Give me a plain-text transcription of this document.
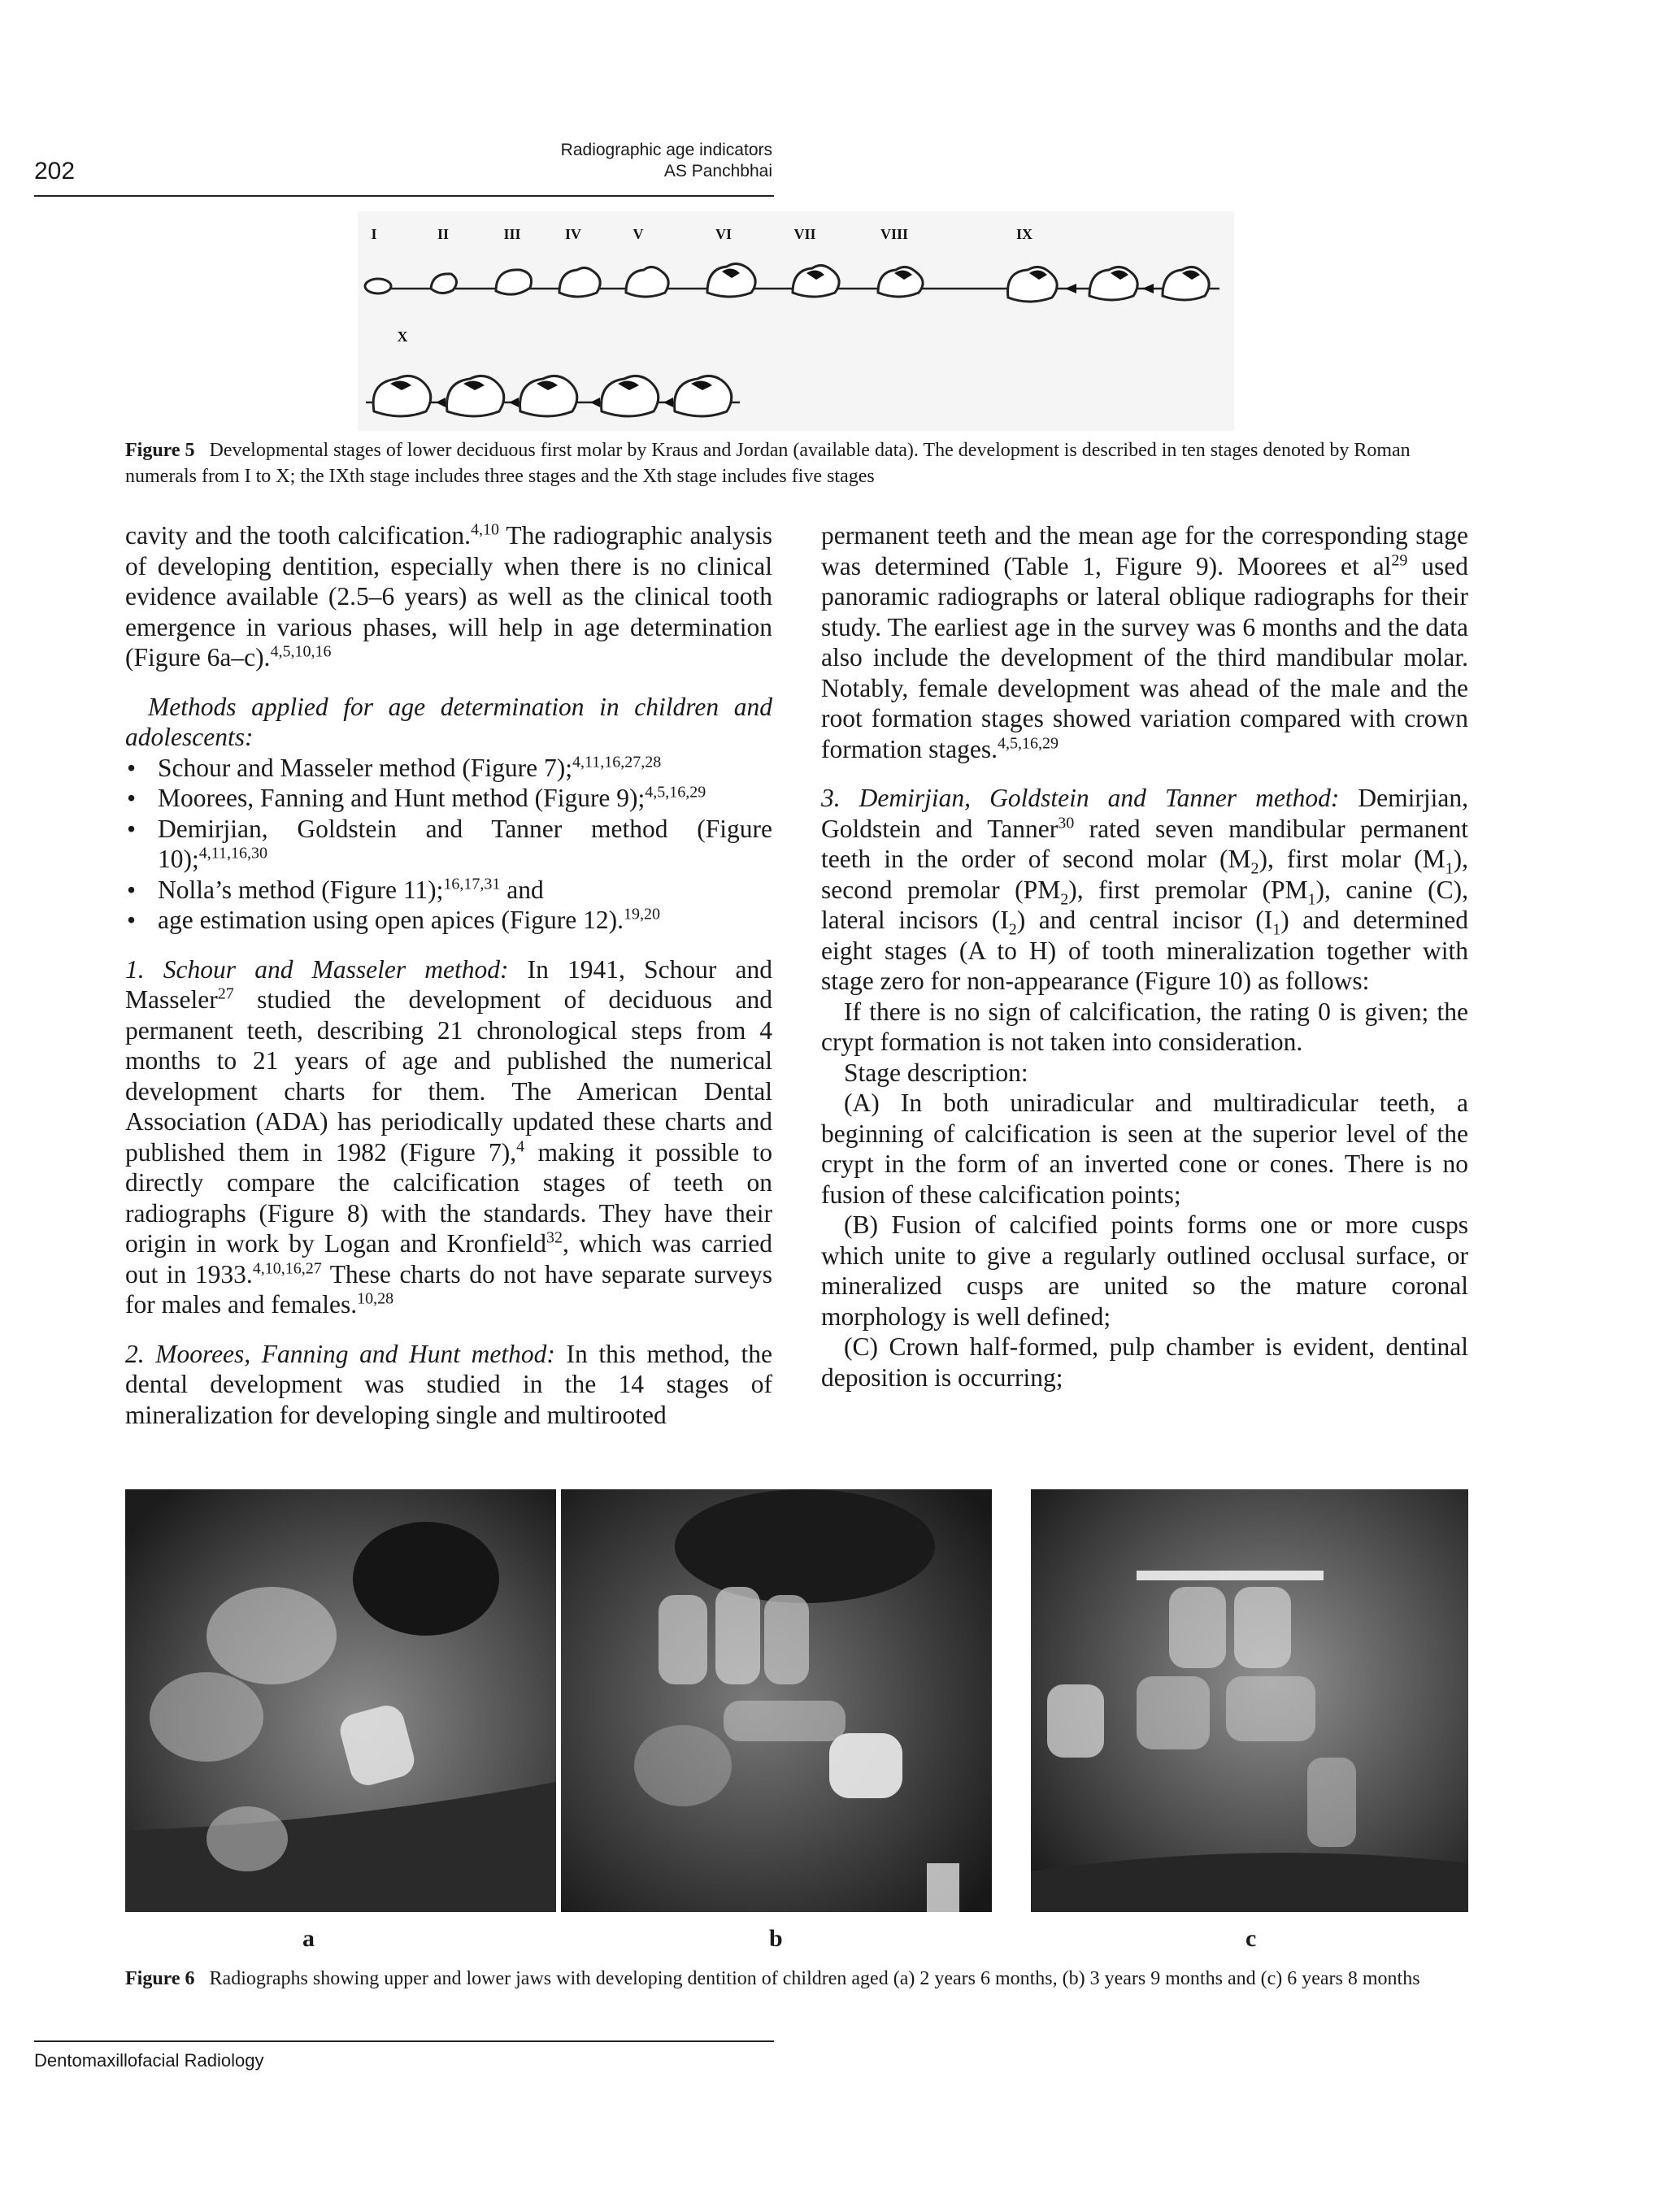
202
Radiographic age indicators
AS Panchbhai
I	II	III	IV	V	VI	VII	VIII	IX
X
Figure 5 Developmental stages of lower deciduous first molar by Kraus and Jordan (available data). The development is described in ten stages denoted by Roman numerals from I to X; the IXth stage includes three stages and the Xth stage includes five stages

cavity and the tooth calcification.$^{4,10}$ The radiographic analysis of developing dentition, especially when there is no clinical evidence available (2.5–6 years) as well as the clinical tooth emergence in various phases, will help in age determination (Figure 6a–c).$^{4,5,10,16}$

Methods applied for age determination in children and adolescents:

• Schour and Masseler method (Figure 7);$^{4,11,16,27,28}$

• Moorees, Fanning and Hunt method (Figure 9);$^{4,5,16,29}$

• Demirjian, Goldstein and Tanner method (Figure 10);$^{4,11,16,30}$

• Nolla’s method (Figure 11);$^{16,17,31}$ and

• age estimation using open apices (Figure 12).$^{19,20}$

1. Schour and Masseler method: In 1941, Schour and Masseler$^{27}$ studied the development of deciduous and permanent teeth, describing 21 chronological steps from 4 months to 21 years of age and published the numerical development charts for them. The American Dental Association (ADA) has periodically updated these charts and published them in 1982 (Figure 7),$^4$ making it possible to directly compare the calcification stages of teeth on radiographs (Figure 8) with the standards. They have their origin in work by Logan and Kronfield$^{32}$, which was carried out in 1933.$^{4,10,16,27}$ These charts do not have separate surveys for males and females.$^{10,28}$

2. Moorees, Fanning and Hunt method: In this method, the dental development was studied in the 14 stages of mineralization for developing single and multirooted

permanent teeth and the mean age for the corresponding stage was determined (Table 1, Figure 9). Moorees et $al^{29}$ used panoramic radiographs or lateral oblique radiographs for their study. The earliest age in the survey was 6 months and the data also include the development of the third mandibular molar. Notably, female development was ahead of the male and the root formation stages showed variation compared with crown formation stages.$^{4,5,16,29}$

3. Demirjian, Goldstein and Tanner method: Demirjian, Goldstein and Tanner$^{30}$ rated seven mandibular permanent teeth in the order of second molar $(M_2)$, first molar $(M_1)$, second premolar $(PM_2)$, first premolar $(PM_1)$, canine (C), lateral incisors $(I_2)$ and central incisor $(I_1)$ and determined eight stages (A to H) of tooth mineralization together with stage zero for non-appearance (Figure 10) as follows:

If there is no sign of calcification, the rating 0 is given; the crypt formation is not taken into consideration.

Stage description:

(A) In both uniradicular and multiradicular teeth, a beginning of calcification is seen at the superior level of the crypt in the form of an inverted cone or cones. There is no fusion of these calcification points;

(B) Fusion of calcified points forms one or more cusps which unite to give a regularly outlined occlusal surface, or mineralized cusps are united so the mature coronal morphology is well defined;

(C) Crown half-formed, pulp chamber is evident, dentinal deposition is occurring;

a	b	c
Figure 6 Radiographs showing upper and lower jaws with developing dentition of children aged (a) 2 years 6 months, (b) 3 years 9 months and (c) 6 years 8 months
Dentomaxillofacial Radiology
